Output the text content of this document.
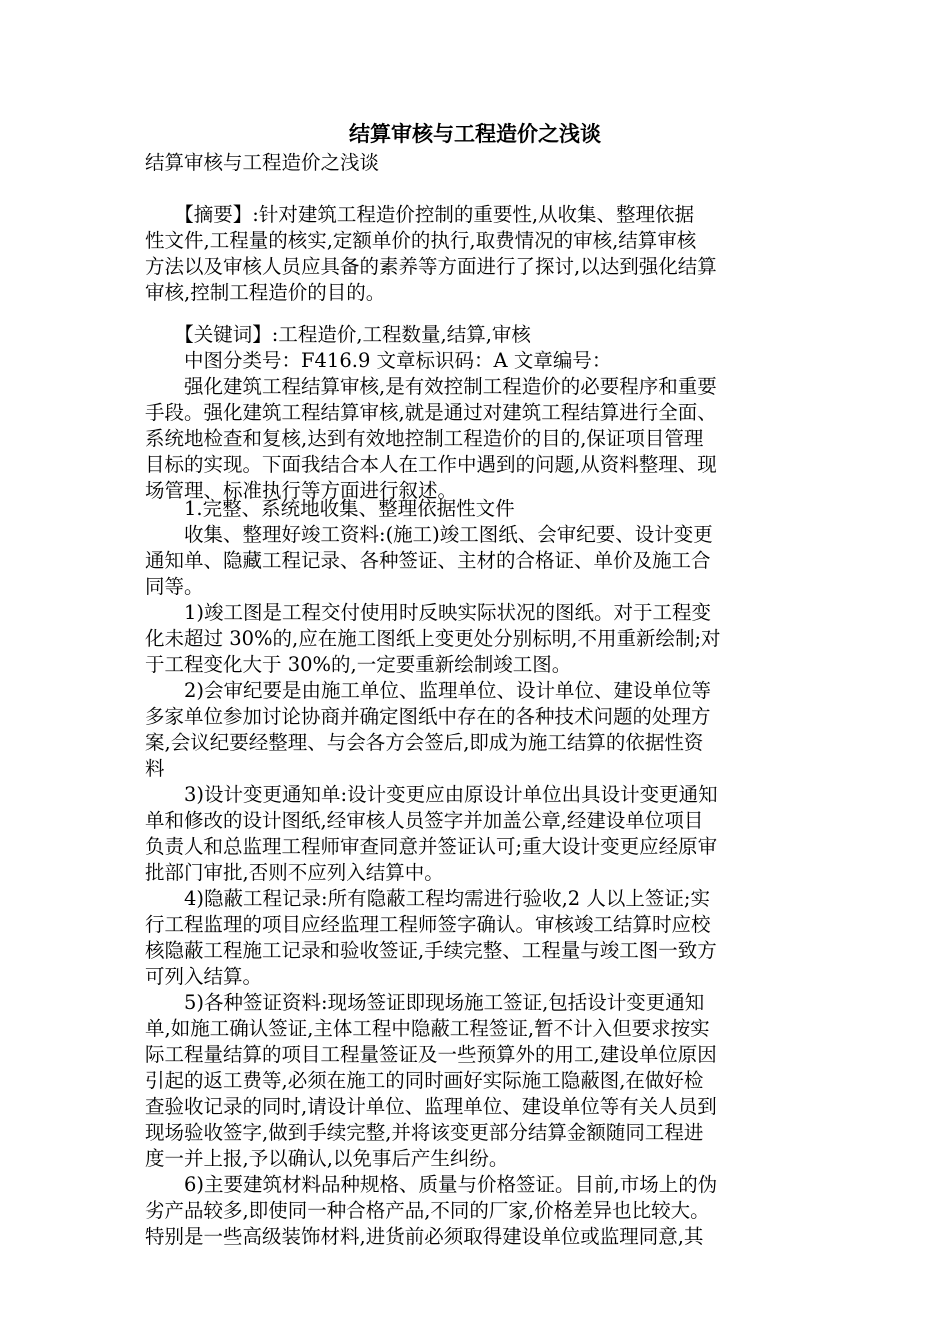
结算审核与工程造价之浅谈
结算审核与工程造价之浅谈
　　【摘要】:针对建筑工程造价控制的重要性,从收集、整理依据
性文件,工程量的核实,定额单价的执行,取费情况的审核,结算审核
方法以及审核人员应具备的素养等方面进行了探讨,以达到强化结算
审核,控制工程造价的目的。
　　【关键词】:工程造价,工程数量,结算,审核
　　中图分类号：F416.9 文章标识码：A 文章编号：
　　强化建筑工程结算审核,是有效控制工程造价的必要程序和重要
手段。强化建筑工程结算审核,就是通过对建筑工程结算进行全面、
系统地检查和复核,达到有效地控制工程造价的目的,保证项目管理
目标的实现。下面我结合本人在工作中遇到的问题,从资料整理、现
场管理、标准执行等方面进行叙述。
　　1.完整、系统地收集、整理依据性文件
　　收集、整理好竣工资料:(施工)竣工图纸、会审纪要、设计变更
通知单、隐藏工程记录、各种签证、主材的合格证、单价及施工合
同等。
　　1)竣工图是工程交付使用时反映实际状况的图纸。对于工程变
化未超过 30%的,应在施工图纸上变更处分别标明,不用重新绘制;对
于工程变化大于 30%的,一定要重新绘制竣工图。
　　2)会审纪要是由施工单位、监理单位、设计单位、建设单位等
多家单位参加讨论协商并确定图纸中存在的各种技术问题的处理方
案,会议纪要经整理、与会各方会签后,即成为施工结算的依据性资
料
　　3)设计变更通知单:设计变更应由原设计单位出具设计变更通知
单和修改的设计图纸,经审核人员签字并加盖公章,经建设单位项目
负责人和总监理工程师审查同意并签证认可;重大设计变更应经原审
批部门审批,否则不应列入结算中。
　　4)隐蔽工程记录:所有隐蔽工程均需进行验收,2 人以上签证;实
行工程监理的项目应经监理工程师签字确认。审核竣工结算时应校
核隐蔽工程施工记录和验收签证,手续完整、工程量与竣工图一致方
可列入结算。
　　5)各种签证资料:现场签证即现场施工签证,包括设计变更通知
单,如施工确认签证,主体工程中隐蔽工程签证,暂不计入但要求按实
际工程量结算的项目工程量签证及一些预算外的用工,建设单位原因
引起的返工费等,必须在施工的同时画好实际施工隐蔽图,在做好检
查验收记录的同时,请设计单位、监理单位、建设单位等有关人员到
现场验收签字,做到手续完整,并将该变更部分结算金额随同工程进
度一并上报,予以确认,以免事后产生纠纷。
　　6)主要建筑材料品种规格、质量与价格签证。目前,市场上的伪
劣产品较多,即使同一种合格产品,不同的厂家,价格差异也比较大。
特别是一些高级装饰材料,进货前必须取得建设单位或监理同意,其
